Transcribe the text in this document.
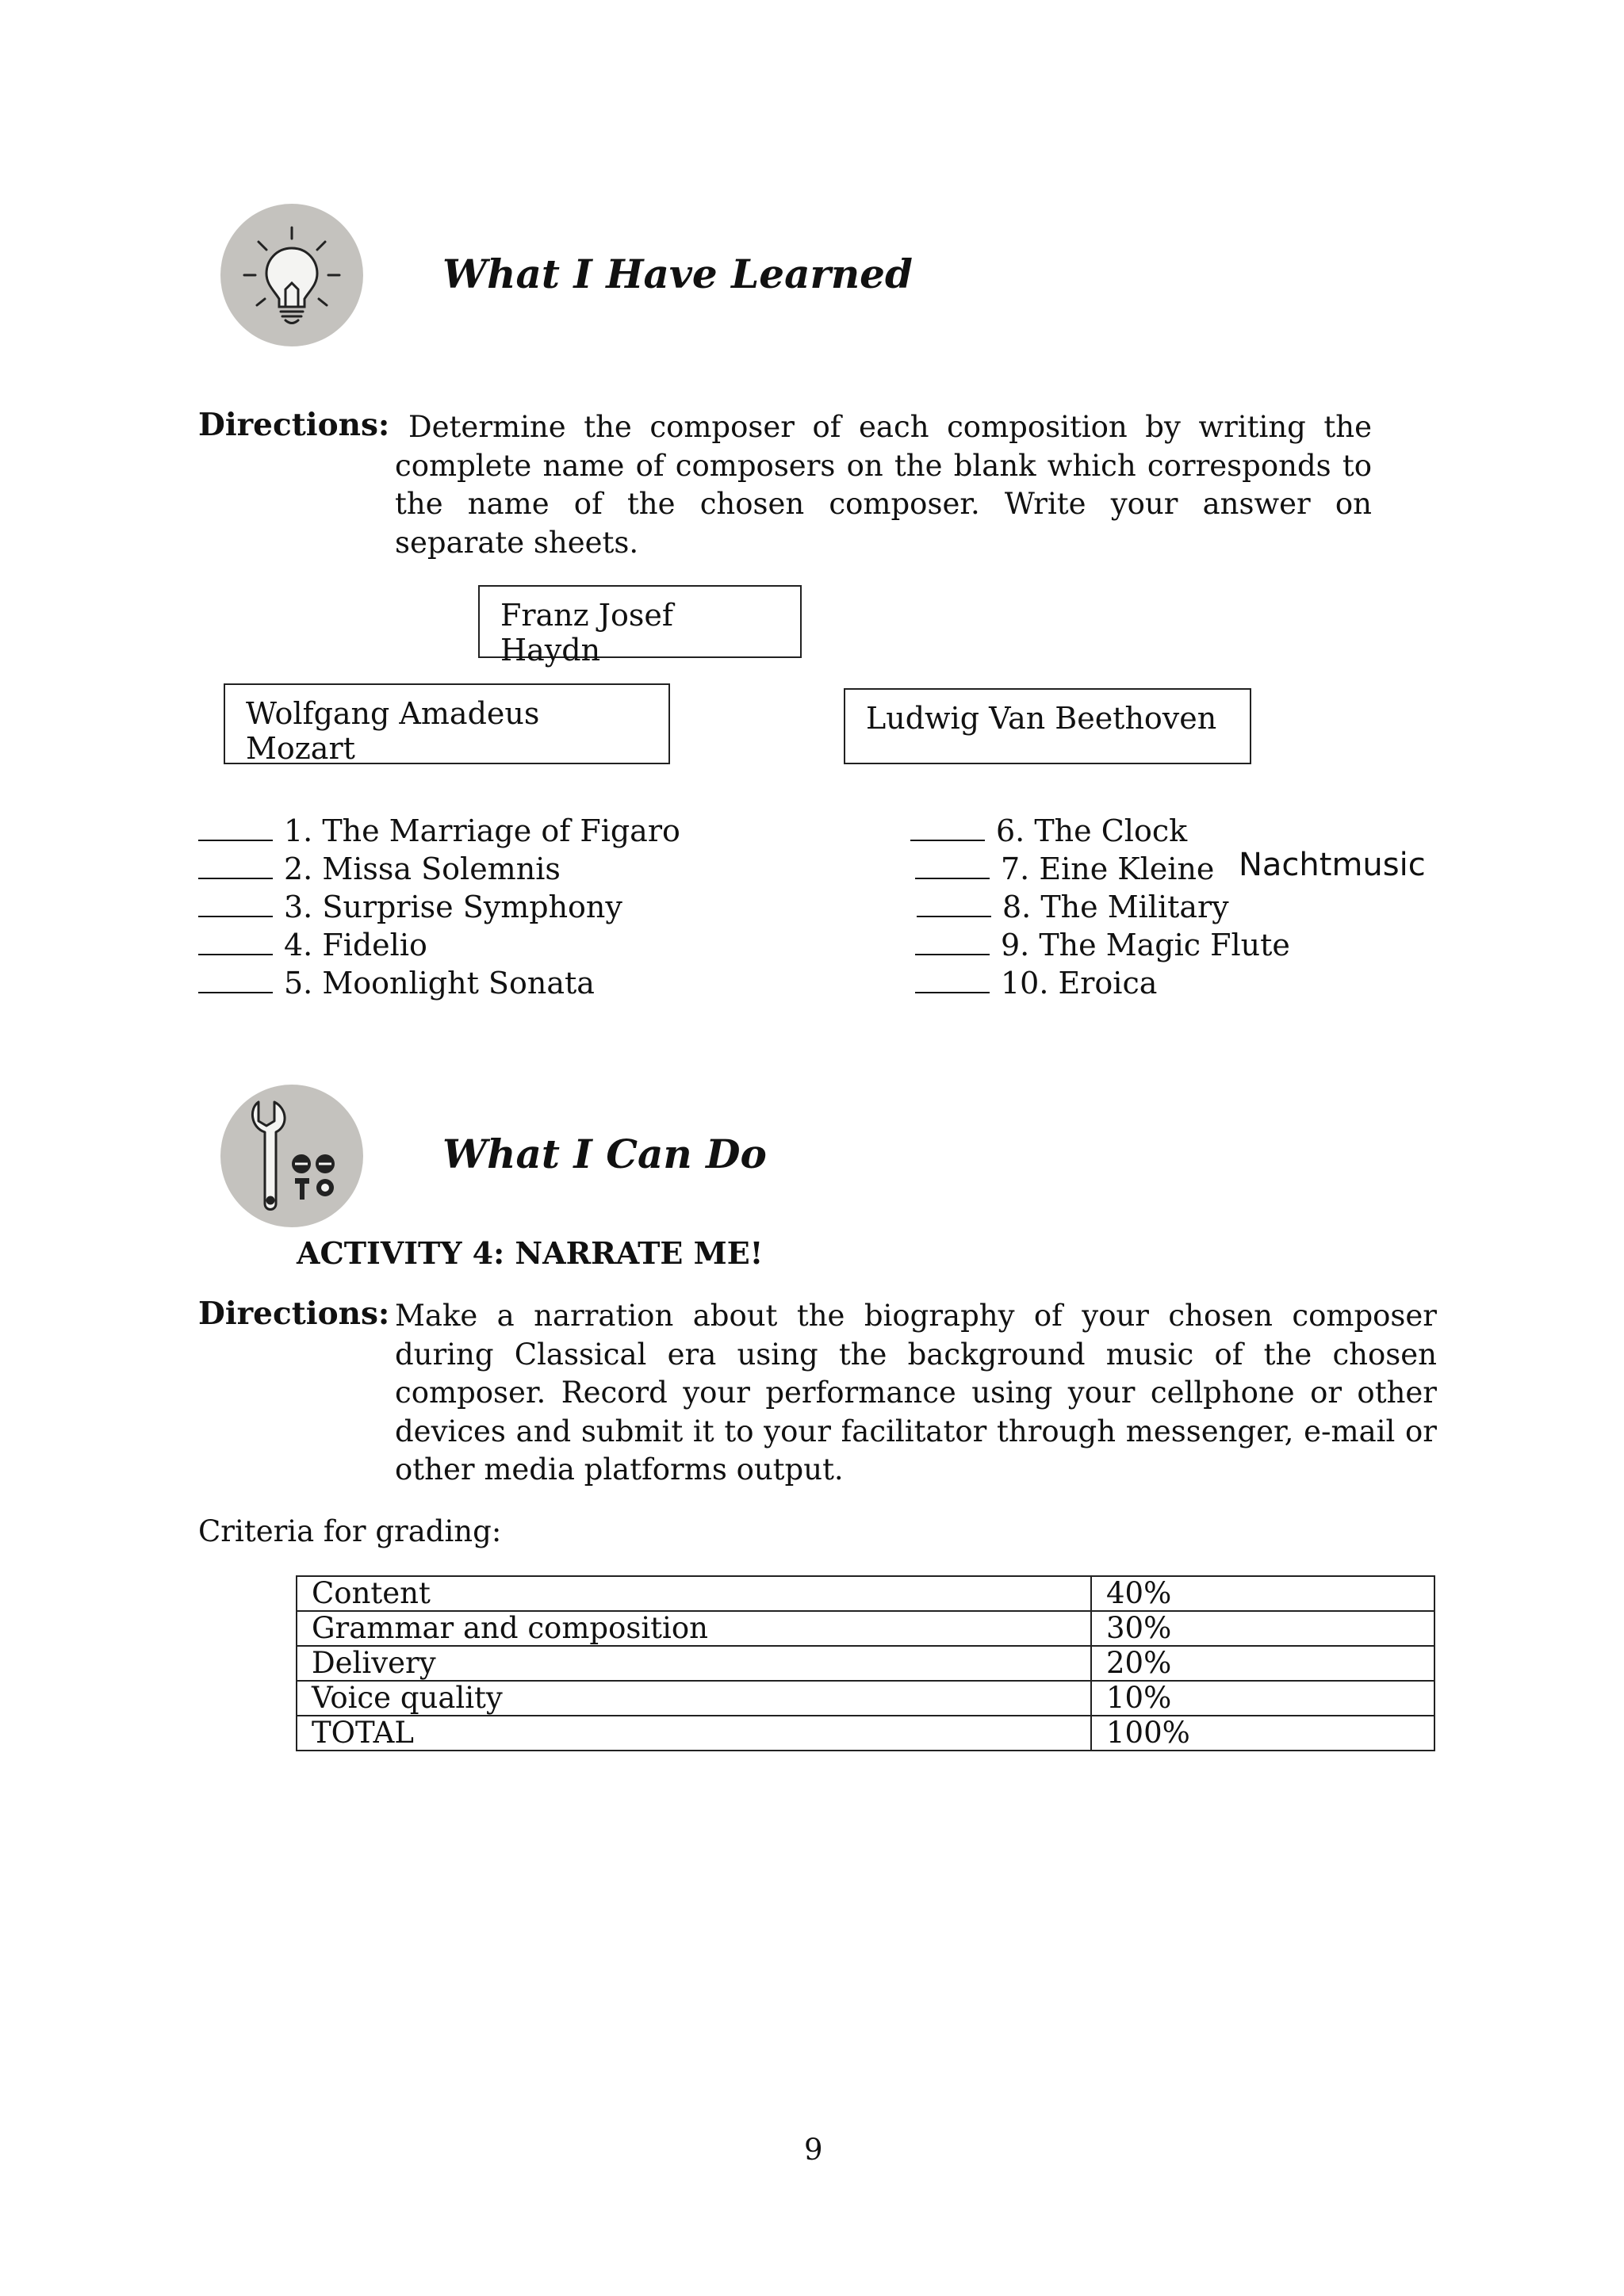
What I Have Learned
Directions: Determine the composer of each composition by writing the complete name of composers on the blank which corresponds to the name of the chosen composer. Write your answer on separate sheets.
Franz Josef Haydn
Wolfgang Amadeus Mozart
Ludwig Van Beethoven
1. The Marriage of Figaro
2. Missa Solemnis
3. Surprise Symphony
4. Fidelio
5. Moonlight Sonata
6. The Clock
7. Eine Kleine Nachtmusic
8. The Military
9. The Magic Flute
10. Eroica
What I Can Do
ACTIVITY 4: NARRATE ME!
Directions: Make a narration about the biography of your chosen composer during Classical era using the background music of the chosen composer. Record your performance using your cellphone or other devices and submit it to your facilitator through messenger, e-mail or other media platforms output.
Criteria for grading:
Content	40%
Grammar and composition	30%
Delivery	20%
Voice quality	10%
TOTAL	100%
9
